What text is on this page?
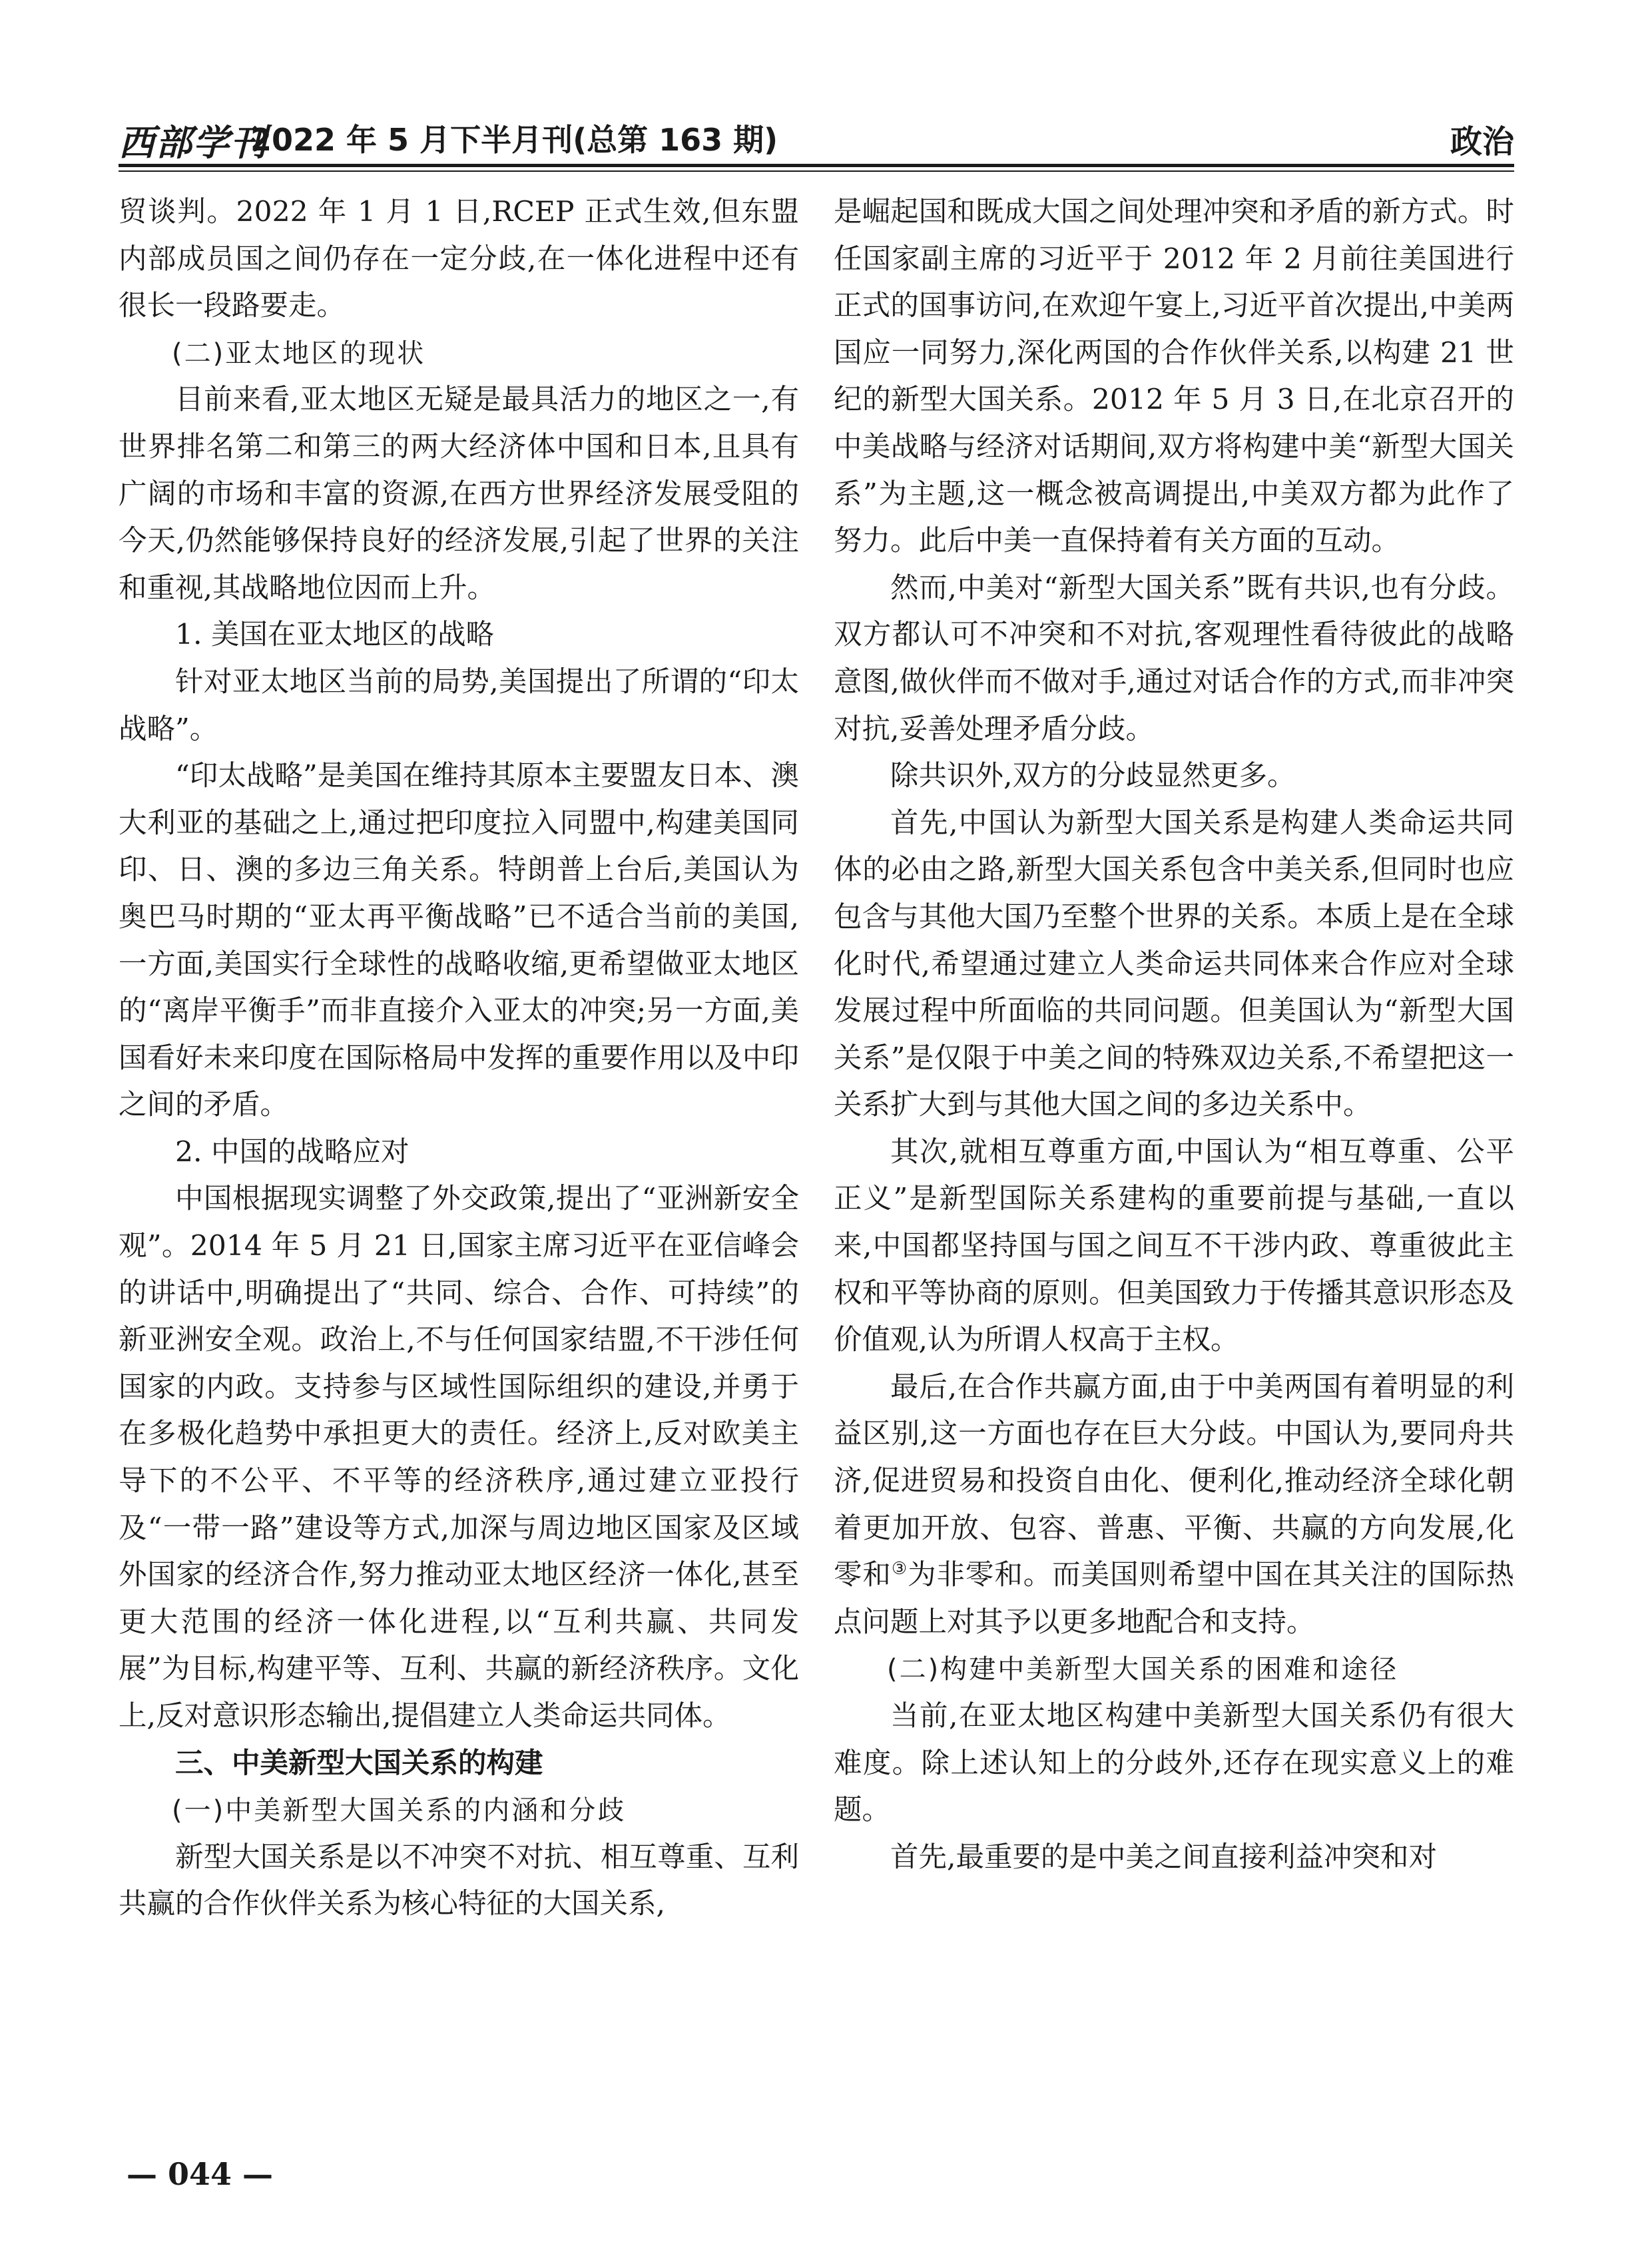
西部学刊
2022 年 5 月下半月刊(总第 163 期)	政治

贸谈判。2022 年 1 月 1 日,RCEP 正式生效,但东盟内部成员国之间仍存在一定分歧,在一体化进程中还有很长一段路要走。

(二)亚太地区的现状

目前来看,亚太地区无疑是最具活力的地区之一,有世界排名第二和第三的两大经济体中国和日本,且具有广阔的市场和丰富的资源,在西方世界经济发展受阻的今天,仍然能够保持良好的经济发展,引起了世界的关注和重视,其战略地位因而上升。

1. 美国在亚太地区的战略

针对亚太地区当前的局势,美国提出了所谓的“印太战略”。

“印太战略”是美国在维持其原本主要盟友日本、澳大利亚的基础之上,通过把印度拉入同盟中,构建美国同印、日、澳的多边三角关系。特朗普上台后,美国认为奥巴马时期的“亚太再平衡战略”已不适合当前的美国,一方面,美国实行全球性的战略收缩,更希望做亚太地区的“离岸平衡手”而非直接介入亚太的冲突;另一方面,美国看好未来印度在国际格局中发挥的重要作用以及中印之间的矛盾。

2. 中国的战略应对

中国根据现实调整了外交政策,提出了“亚洲新安全观”。2014 年 5 月 21 日,国家主席习近平在亚信峰会的讲话中,明确提出了“共同、综合、合作、可持续”的新亚洲安全观。政治上,不与任何国家结盟,不干涉任何国家的内政。支持参与区域性国际组织的建设,并勇于在多极化趋势中承担更大的责任。经济上,反对欧美主导下的不公平、不平等的经济秩序,通过建立亚投行及“一带一路”建设等方式,加深与周边地区国家及区域外国家的经济合作,努力推动亚太地区经济一体化,甚至更大范围的经济一体化进程,以“互利共赢、共同发展”为目标,构建平等、互利、共赢的新经济秩序。文化上,反对意识形态输出,提倡建立人类命运共同体。

三、中美新型大国关系的构建

(一)中美新型大国关系的内涵和分歧

新型大国关系是以不冲突不对抗、相互尊重、互利共赢的合作伙伴关系为核心特征的大国关系,

是崛起国和既成大国之间处理冲突和矛盾的新方式。时任国家副主席的习近平于 2012 年 2 月前往美国进行正式的国事访问,在欢迎午宴上,习近平首次提出,中美两国应一同努力,深化两国的合作伙伴关系,以构建 21 世纪的新型大国关系。2012 年 5 月 3 日,在北京召开的中美战略与经济对话期间,双方将构建中美“新型大国关系”为主题,这一概念被高调提出,中美双方都为此作了努力。此后中美一直保持着有关方面的互动。

然而,中美对“新型大国关系”既有共识,也有分歧。双方都认可不冲突和不对抗,客观理性看待彼此的战略意图,做伙伴而不做对手,通过对话合作的方式,而非冲突对抗,妥善处理矛盾分歧。

除共识外,双方的分歧显然更多。

首先,中国认为新型大国关系是构建人类命运共同体的必由之路,新型大国关系包含中美关系,但同时也应包含与其他大国乃至整个世界的关系。本质上是在全球化时代,希望通过建立人类命运共同体来合作应对全球发展过程中所面临的共同问题。但美国认为“新型大国关系”是仅限于中美之间的特殊双边关系,不希望把这一关系扩大到与其他大国之间的多边关系中。

其次,就相互尊重方面,中国认为“相互尊重、公平正义”是新型国际关系建构的重要前提与基础,一直以来,中国都坚持国与国之间互不干涉内政、尊重彼此主权和平等协商的原则。但美国致力于传播其意识形态及价值观,认为所谓人权高于主权。

最后,在合作共赢方面,由于中美两国有着明显的利益区别,这一方面也存在巨大分歧。中国认为,要同舟共济,促进贸易和投资自由化、便利化,推动经济全球化朝着更加开放、包容、普惠、平衡、共赢的方向发展,化零和③为非零和。而美国则希望中国在其关注的国际热点问题上对其予以更多地配合和支持。

(二)构建中美新型大国关系的困难和途径

当前,在亚太地区构建中美新型大国关系仍有很大难度。除上述认知上的分歧外,还存在现实意义上的难题。

首先,最重要的是中美之间直接利益冲突和对

— 044 —
